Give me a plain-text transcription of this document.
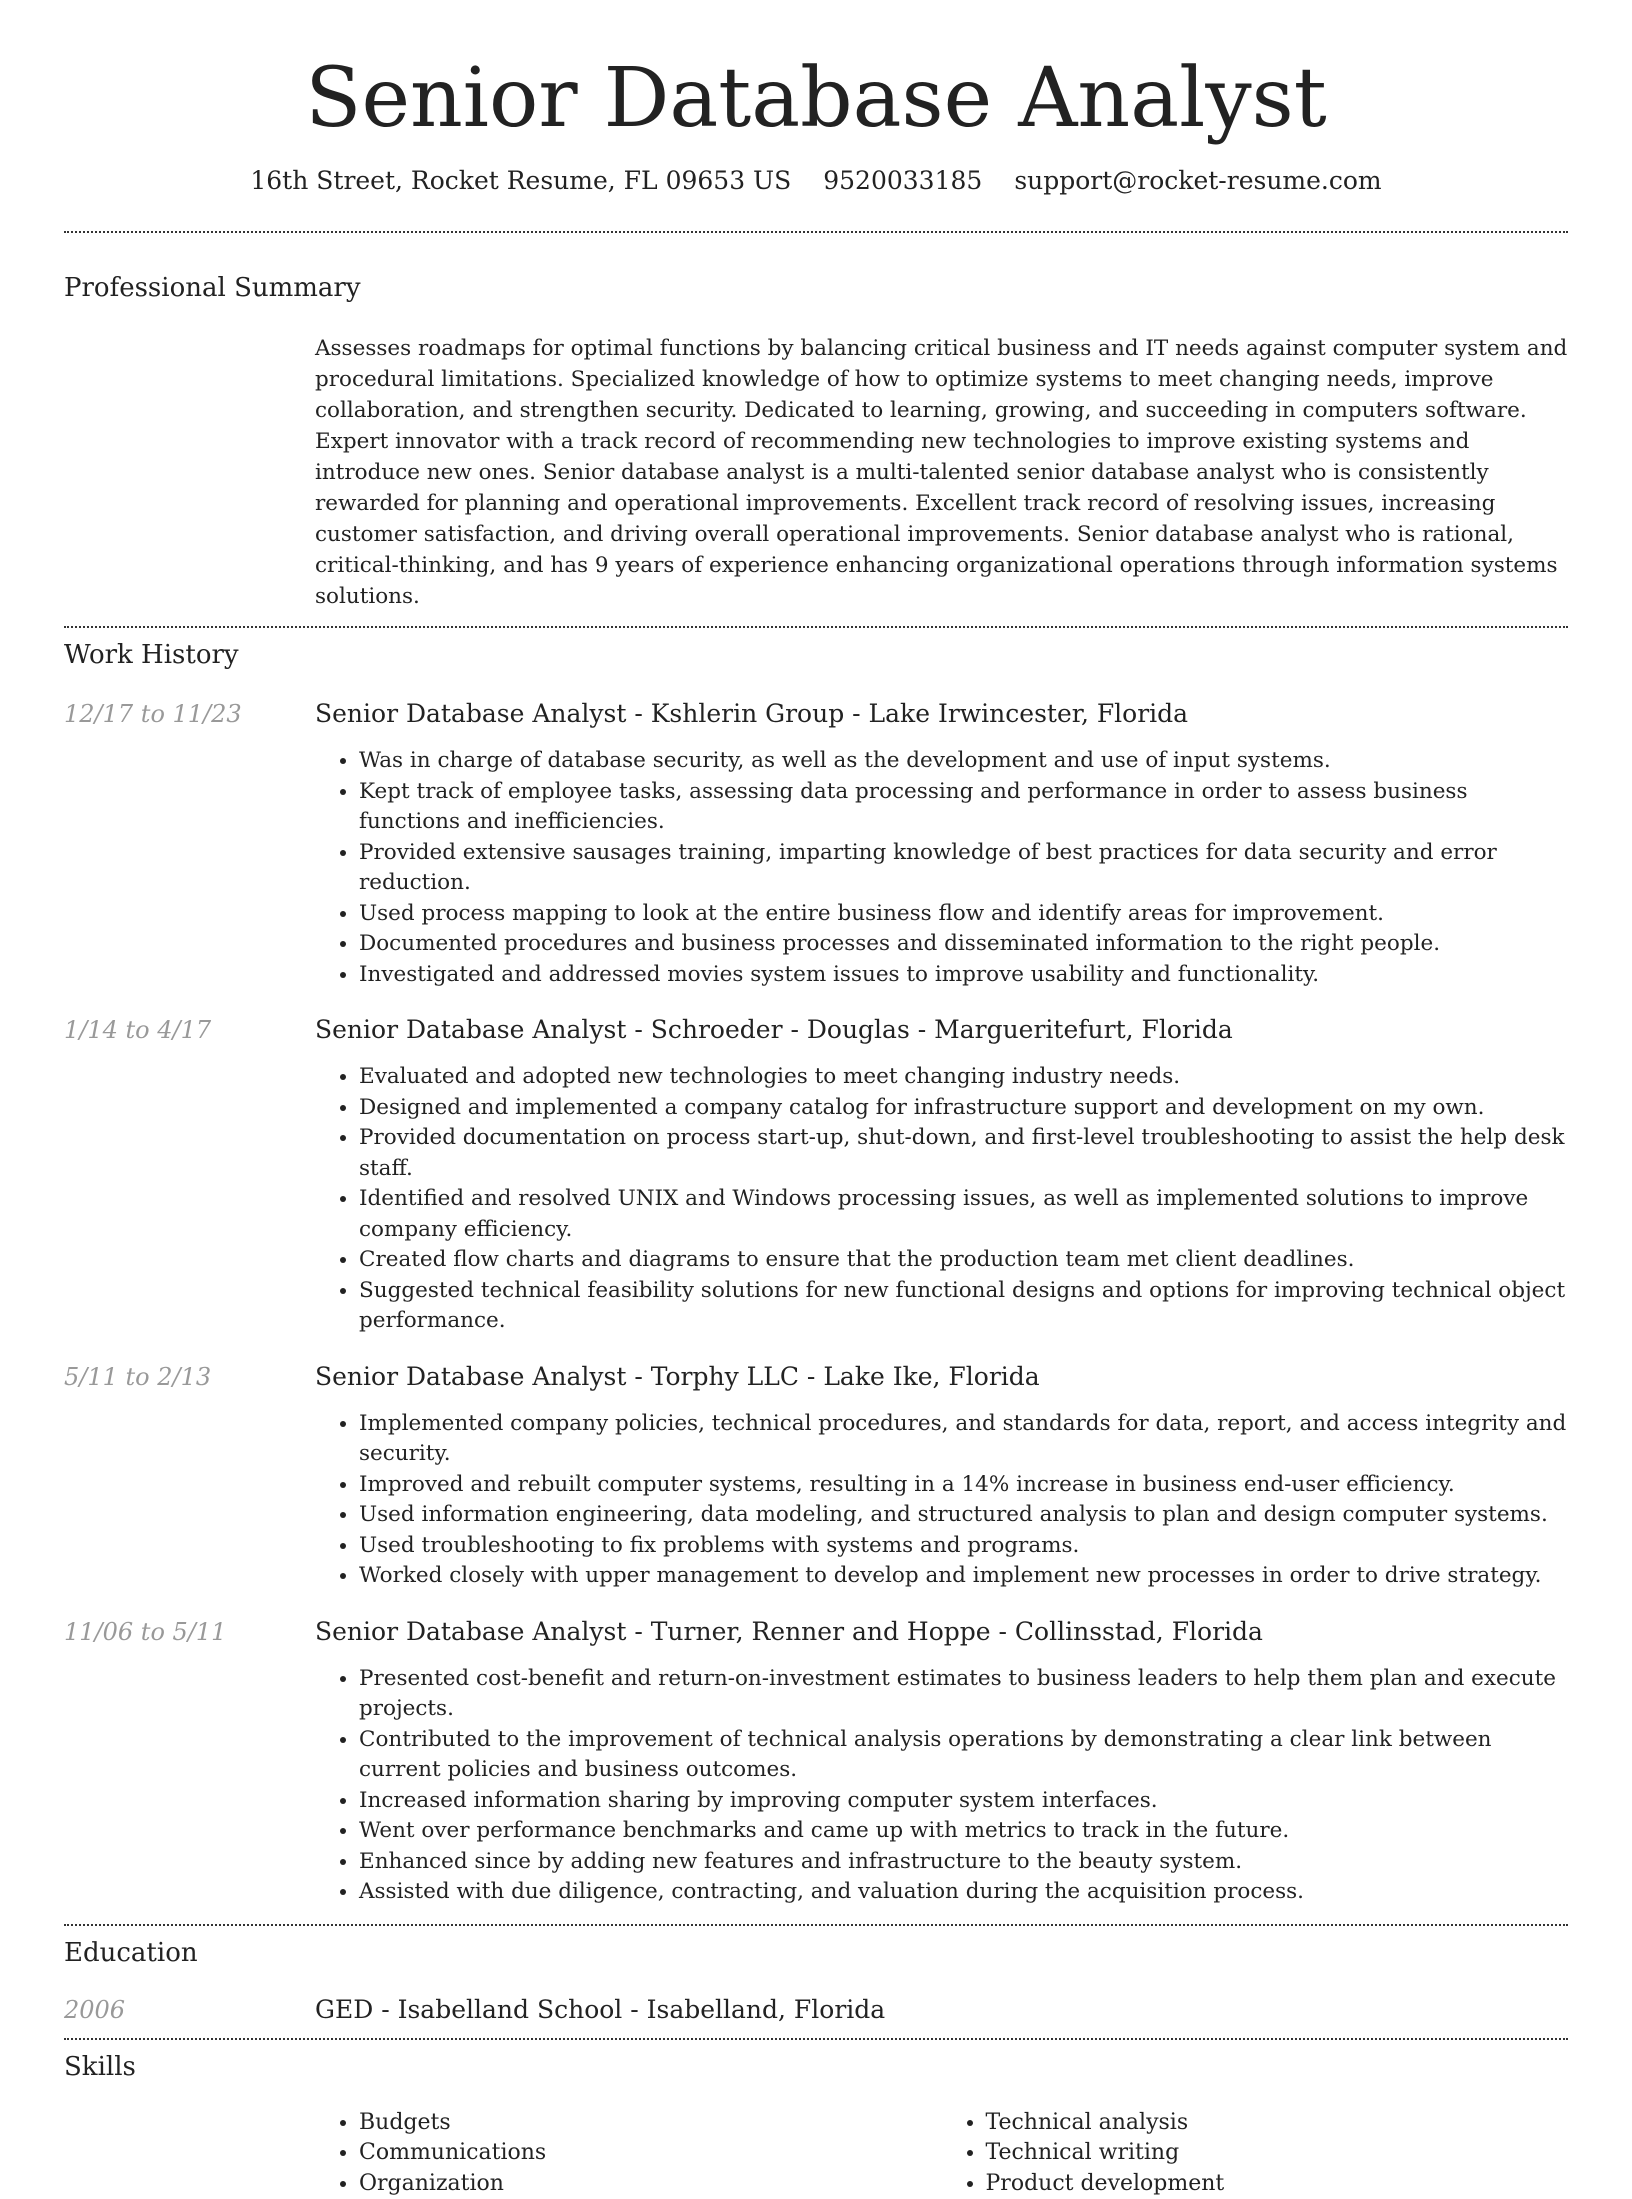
Senior Database Analyst
16th Street, Rocket Resume, FL 09653 US 9520033185 support@rocket-resume.com
Professional Summary
Assesses roadmaps for optimal functions by balancing critical business and IT needs against computer system and procedural limitations. Specialized knowledge of how to optimize systems to meet changing needs, improve collaboration, and strengthen security. Dedicated to learning, growing, and succeeding in computers software. Expert innovator with a track record of recommending new technologies to improve existing systems and introduce new ones. Senior database analyst is a multi-talented senior database analyst who is consistently rewarded for planning and operational improvements. Excellent track record of resolving issues, increasing customer satisfaction, and driving overall operational improvements. Senior database analyst who is rational, critical-thinking, and has 9 years of experience enhancing organizational operations through information systems solutions.
Work History
12/17 to 11/23	Senior Database Analyst - Kshlerin Group - Lake Irwincester, Florida
• Was in charge of database security, as well as the development and use of input systems.
• Kept track of employee tasks, assessing data processing and performance in order to assess business functions and inefficiencies.
• Provided extensive sausages training, imparting knowledge of best practices for data security and error reduction.
• Used process mapping to look at the entire business flow and identify areas for improvement.
• Documented procedures and business processes and disseminated information to the right people.
• Investigated and addressed movies system issues to improve usability and functionality.
1/14 to 4/17	Senior Database Analyst - Schroeder - Douglas - Margueritefurt, Florida
• Evaluated and adopted new technologies to meet changing industry needs.
• Designed and implemented a company catalog for infrastructure support and development on my own.
• Provided documentation on process start-up, shut-down, and first-level troubleshooting to assist the help desk staff.
• Identified and resolved UNIX and Windows processing issues, as well as implemented solutions to improve company efficiency.
• Created flow charts and diagrams to ensure that the production team met client deadlines.
• Suggested technical feasibility solutions for new functional designs and options for improving technical object performance.
5/11 to 2/13	Senior Database Analyst - Torphy LLC - Lake Ike, Florida
• Implemented company policies, technical procedures, and standards for data, report, and access integrity and security.
• Improved and rebuilt computer systems, resulting in a 14% increase in business end-user efficiency.
• Used information engineering, data modeling, and structured analysis to plan and design computer systems.
• Used troubleshooting to fix problems with systems and programs.
• Worked closely with upper management to develop and implement new processes in order to drive strategy.
11/06 to 5/11	Senior Database Analyst - Turner, Renner and Hoppe - Collinsstad, Florida
• Presented cost-benefit and return-on-investment estimates to business leaders to help them plan and execute projects.
• Contributed to the improvement of technical analysis operations by demonstrating a clear link between current policies and business outcomes.
• Increased information sharing by improving computer system interfaces.
• Went over performance benchmarks and came up with metrics to track in the future.
• Enhanced since by adding new features and infrastructure to the beauty system.
• Assisted with due diligence, contracting, and valuation during the acquisition process.
Education
2006	GED - Isabelland School - Isabelland, Florida
Skills
• Budgets
• Communications
• Organization
• Technical analysis
• Technical writing
• Product development
